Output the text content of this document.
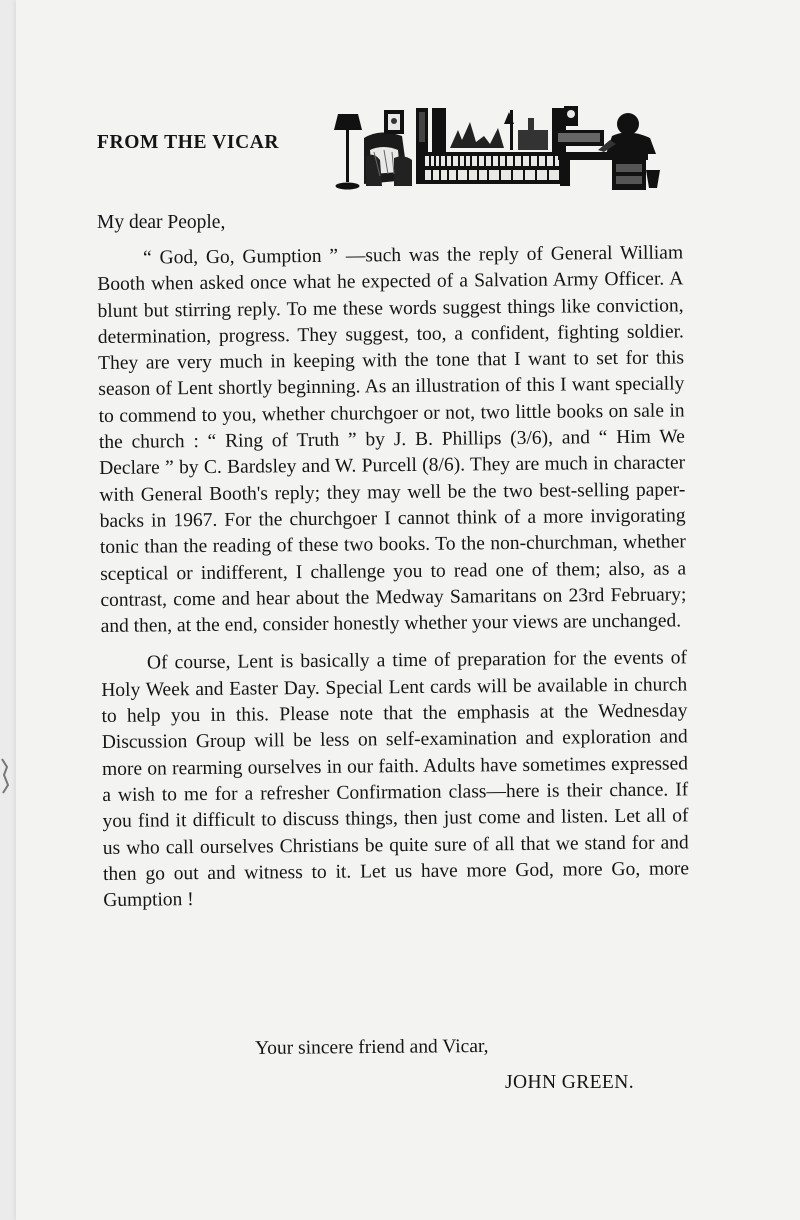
FROM THE VICAR
My dear People,

“ God, Go, Gumption ” —such was the reply of General William Booth when asked once what he expected of a Salvation Army Officer. A blunt but stirring reply. To me these words suggest things like conviction, determination, progress. They suggest, too, a confident, fighting soldier. They are very much in keeping with the tone that I want to set for this season of Lent shortly beginning. As an illustration of this I want specially to commend to you, whether churchgoer or not, two little books on sale in the church : “ Ring of Truth ” by J. B. Phillips (3/6), and “ Him We Declare ” by C. Bardsley and W. Purcell (8/6). They are much in character with General Booth's reply; they may well be the two best-selling paper-backs in 1967. For the churchgoer I cannot think of a more invigorating tonic than the reading of these two books. To the non-churchman, whether sceptical or indifferent, I challenge you to read one of them; also, as a contrast, come and hear about the Medway Samaritans on 23rd February; and then, at the end, consider honestly whether your views are unchanged.

Of course, Lent is basically a time of preparation for the events of Holy Week and Easter Day. Special Lent cards will be available in church to help you in this. Please note that the emphasis at the Wednesday Discussion Group will be less on self-examination and exploration and more on rearming ourselves in our faith. Adults have sometimes expressed a wish to me for a refresher Confirmation class—here is their chance. If you find it difficult to discuss things, then just come and listen. Let all of us who call ourselves Christians be quite sure of all that we stand for and then go out and witness to it. Let us have more God, more Go, more Gumption !

Your sincere friend and Vicar,
JOHN GREEN.
